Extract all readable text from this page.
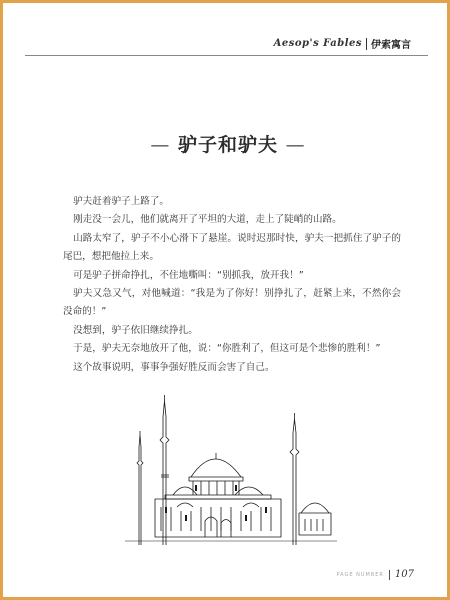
Aesop's Fables 伊索寓言
— 驴子和驴夫 —

驴夫赶着驴子上路了。

刚走没一会儿，他们就离开了平坦的大道，走上了陡峭的山路。

山路太窄了，驴子不小心滑下了悬崖。说时迟那时快，驴夫一把抓住了驴子的尾巴，想把他拉上来。

可是驴子拼命挣扎，不住地嘶叫：“别抓我，放开我！”

驴夫又急又气，对他喊道：“我是为了你好！别挣扎了，赶紧上来，不然你会没命的！”

没想到，驴子依旧继续挣扎。

于是，驴夫无奈地放开了他，说：“你胜利了，但这可是个悲惨的胜利！”

这个故事说明，事事争强好胜反而会害了自己。

PAGE NUMBER 107
